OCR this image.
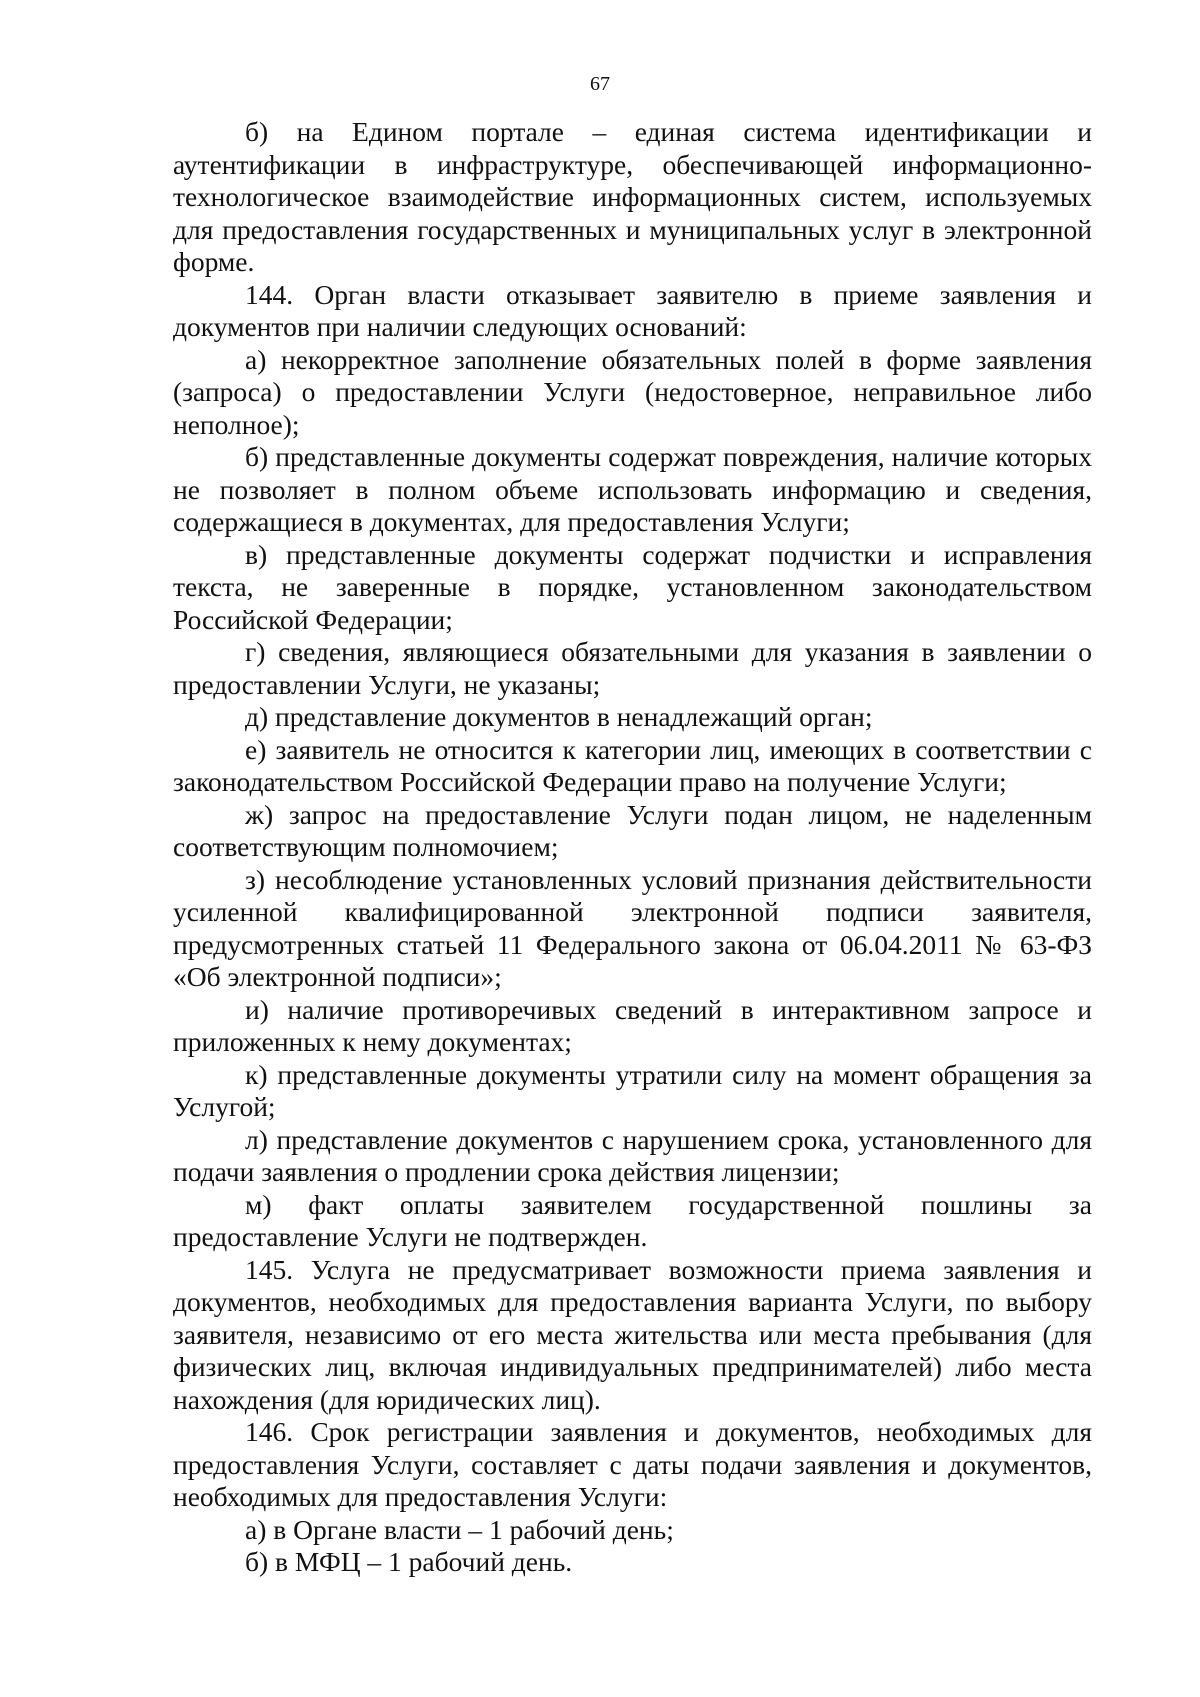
67

б) на Едином портале – единая система идентификации и аутентификации в инфраструктуре, обеспечивающей информационно-технологическое взаимодействие информационных систем, используемых для предоставления государственных и муниципальных услуг в электронной форме.

144. Орган власти отказывает заявителю в приеме заявления и документов при наличии следующих оснований:

а) некорректное заполнение обязательных полей в форме заявления (запроса) о предоставлении Услуги (недостоверное, неправильное либо неполное);

б) представленные документы содержат повреждения, наличие которых не позволяет в полном объеме использовать информацию и сведения, содержащиеся в документах, для предоставления Услуги;

в) представленные документы содержат подчистки и исправления текста, не заверенные в порядке, установленном законодательством Российской Федерации;

г) сведения, являющиеся обязательными для указания в заявлении о предоставлении Услуги, не указаны;

д) представление документов в ненадлежащий орган;

е) заявитель не относится к категории лиц, имеющих в соответствии с законодательством Российской Федерации право на получение Услуги;

ж) запрос на предоставление Услуги подан лицом, не наделенным соответствующим полномочием;

з) несоблюдение установленных условий признания действительности усиленной квалифицированной электронной подписи заявителя, предусмотренных статьей 11 Федерального закона от 06.04.2011 № 63-ФЗ «Об электронной подписи»;

и) наличие противоречивых сведений в интерактивном запросе и приложенных к нему документах;

к) представленные документы утратили силу на момент обращения за Услугой;

л) представление документов с нарушением срока, установленного для подачи заявления о продлении срока действия лицензии;

м) факт оплаты заявителем государственной пошлины за предоставление Услуги не подтвержден.

145. Услуга не предусматривает возможности приема заявления и документов, необходимых для предоставления варианта Услуги, по выбору заявителя, независимо от его места жительства или места пребывания (для физических лиц, включая индивидуальных предпринимателей) либо места нахождения (для юридических лиц).

146. Срок регистрации заявления и документов, необходимых для предоставления Услуги, составляет с даты подачи заявления и документов, необходимых для предоставления Услуги:

а) в Органе власти – 1 рабочий день;

б) в МФЦ – 1 рабочий день.
